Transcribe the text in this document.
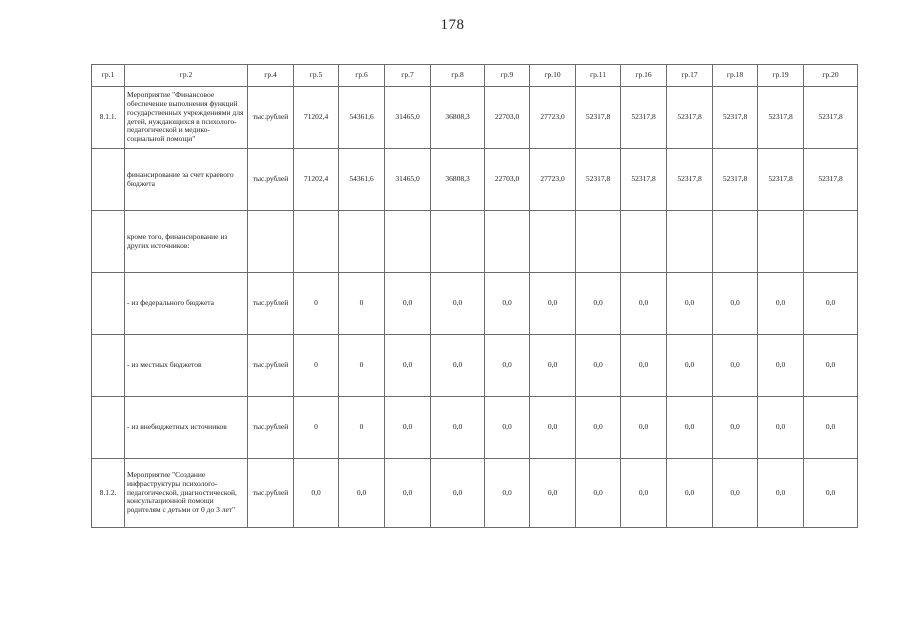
178
гр.1	гр.2	гр.4	гр.5	гр.6	гр.7	гр.8	гр.9	гр.10	гр.11	гр.16	гр.17	гр.18	гр.19	гр.20
8.1.1.	Мероприятие "Финансовое обеспечение выполнения функций государственных учреждениями для детей, нуждающихся в психолого-педагогической и медико-социальной помощи"	тыс.рублей	71202,4	54361,6	31465,0	36808,3	22703,0	27723,0	52317,8	52317,8	52317,8	52317,8	52317,8	52317,8
	финансирование за счет краевого бюджета	тыс.рублей	71202,4	54361,6	31465,0	36808,3	22703,0	27723,0	52317,8	52317,8	52317,8	52317,8	52317,8	52317,8
	кроме того, финансирование из других источников:													
	- из федерального бюджета	тыс.рублей	0	0	0,0	0,0	0,0	0,0	0,0	0,0	0,0	0,0	0,0	0,0
	- из местных бюджетов	тыс.рублей	0	0	0,0	0,0	0,0	0,0	0,0	0,0	0,0	0,0	0,0	0,0
	- из внебюджетных источников	тыс.рублей	0	0	0,0	0,0	0,0	0,0	0,0	0,0	0,0	0,0	0,0	0,0
8.1.2.	Мероприятие "Создание инфраструктуры психолого-педагогической, диагностической, консультационной помощи родителям с детьми от 0 до 3 лет"	тыс.рублей	0,0	0,0	0,0	0,0	0,0	0,0	0,0	0,0	0,0	0,0	0,0	0,0
